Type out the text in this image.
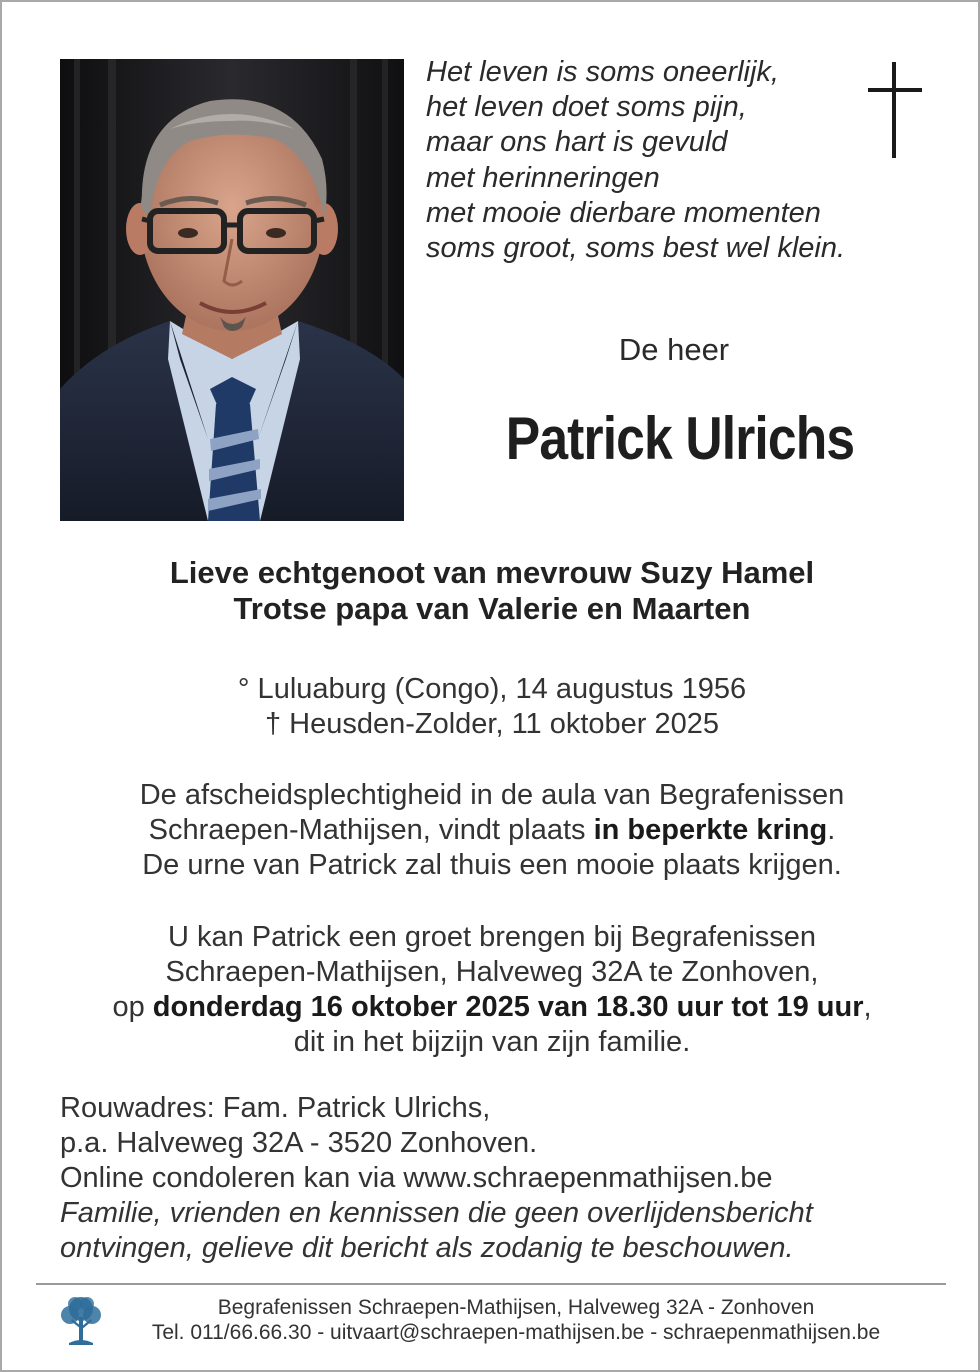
Het leven is soms oneerlijk,
het leven doet soms pijn,
maar ons hart is gevuld
met herinneringen
met mooie dierbare momenten
soms groot, soms best wel klein.
De heer
Patrick Ulrichs
Lieve echtgenoot van mevrouw Suzy Hamel
Trotse papa van Valerie en Maarten
° Luluaburg (Congo), 14 augustus 1956
† Heusden-Zolder, 11 oktober 2025
De afscheidsplechtigheid in de aula van Begrafenissen
Schraepen-Mathijsen, vindt plaats in beperkte kring.
De urne van Patrick zal thuis een mooie plaats krijgen.
U kan Patrick een groet brengen bij Begrafenissen
Schraepen-Mathijsen, Halveweg 32A te Zonhoven,
op donderdag 16 oktober 2025 van 18.30 uur tot 19 uur,
dit in het bijzijn van zijn familie.
Rouwadres: Fam. Patrick Ulrichs,
p.a. Halveweg 32A - 3520 Zonhoven.
Online condoleren kan via www.schraepenmathijsen.be
Familie, vrienden en kennissen die geen overlijdensbericht
ontvingen, gelieve dit bericht als zodanig te beschouwen.
Begrafenissen Schraepen-Mathijsen, Halveweg 32A - Zonhoven
Tel. 011/66.66.30 - uitvaart@schraepen-mathijsen.be - schraepenmathijsen.be
